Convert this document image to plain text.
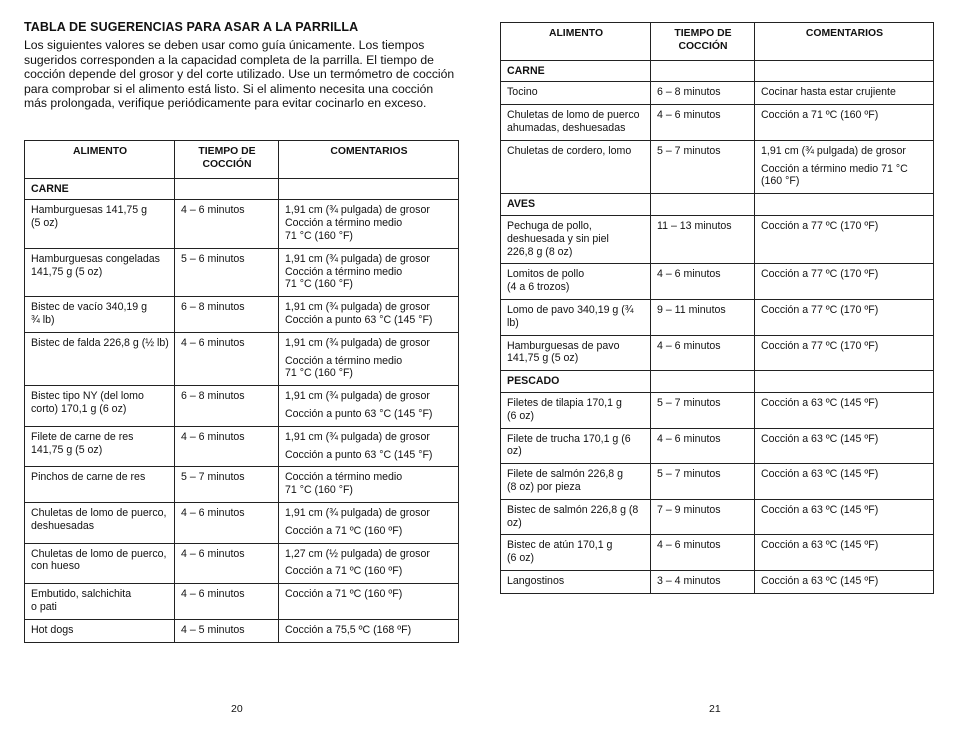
TABLA DE SUGERENCIAS PARA ASAR A LA PARRILLA

Los siguientes valores se deben usar como guía únicamente. Los tiempos sugeridos corresponden a la capacidad completa de la parrilla. El tiempo de cocción depende del grosor y del corte utilizado. Use un termómetro de cocción para comprobar si el alimento está listo. Si el alimento necesita una cocción más prolongada, verifique periódicamente para evitar cocinarlo en exceso.

ALIMENTO	TIEMPO DE COCCIÓN	COMENTARIOS
CARNE		

Hamburguesas 141,75 g
(5 oz)	4 – 6 minutos	1,91 cm (¾ pulgada) de grosor
Cocción a término medio
71 °C (160 °F)

Hamburguesas congeladas
141,75 g (5 oz)	5 – 6 minutos	1,91 cm (¾ pulgada) de grosor
Cocción a término medio
71 °C (160 °F)

Bistec de vacío 340,19 g
¾ lb)	6 – 8 minutos	1,91 cm (¾ pulgada) de grosor
Cocción a punto 63 °C (145 °F)

Bistec de falda 226,8 g (½ lb)	4 – 6 minutos	1,91 cm (¾ pulgada) de grosor
Cocción a término medio
71 °C (160 °F)

Bistec tipo NY (del lomo
corto) 170,1 g (6 oz)	6 – 8 minutos	1,91 cm (¾ pulgada) de grosor
Cocción a punto 63 °C (145 °F)

Filete de carne de res
141,75 g (5 oz)	4 – 6 minutos	1,91 cm (¾ pulgada) de grosor
Cocción a punto 63 °C (145 °F)

Pinchos de carne de res	5 – 7 minutos	Cocción a término medio
71 °C (160 °F)

Chuletas de lomo de puerco,
deshuesadas	4 – 6 minutos	1,91 cm (¾ pulgada) de grosor
Cocción a 71 ºC (160 ºF)

Chuletas de lomo de puerco,
con hueso	4 – 6 minutos	1,27 cm (½ pulgada) de grosor
Cocción a 71 ºC (160 ºF)

Embutido, salchichita
o pati	4 – 6 minutos	Cocción a 71 ºC (160 ºF)

Hot dogs	4 – 5 minutos	Cocción a 75,5 ºC (168 ºF)
ALIMENTO	TIEMPO DE COCCIÓN	COMENTARIOS
CARNE		

Tocino	6 – 8 minutos	Cocinar hasta estar crujiente

Chuletas de lomo de puerco
ahumadas, deshuesadas	4 – 6 minutos	Cocción a 71 ºC (160 ºF)

Chuletas de cordero, lomo	5 – 7 minutos	1,91 cm (¾ pulgada) de grosor
Cocción a término medio 71 °C
(160 °F)

AVES		

Pechuga de pollo,
deshuesada y sin piel
226,8 g (8 oz)	11 – 13 minutos	Cocción a 77 ºC (170 ºF)

Lomitos de pollo
(4 a 6 trozos)	4 – 6 minutos	Cocción a 77 ºC (170 ºF)

Lomo de pavo 340,19 g (¾ lb)	9 – 11 minutos	Cocción a 77 ºC (170 ºF)

Hamburguesas de pavo
141,75 g (5 oz)	4 – 6 minutos	Cocción a 77 ºC (170 ºF)

PESCADO		

Filetes de tilapia 170,1 g
(6 oz)	5 – 7 minutos	Cocción a 63 ºC (145 ºF)

Filete de trucha 170,1 g (6
oz)	4 – 6 minutos	Cocción a 63 ºC (145 ºF)

Filete de salmón 226,8 g
(8 oz) por pieza	5 – 7 minutos	Cocción a 63 ºC (145 ºF)

Bistec de salmón 226,8 g (8
oz)	7 – 9 minutos	Cocción a 63 ºC (145 ºF)

Bistec de atún 170,1 g
(6 oz)	4 – 6 minutos	Cocción a 63 ºC (145 ºF)

Langostinos	3 – 4 minutos	Cocción a 63 ºC (145 ºF)
20	21
